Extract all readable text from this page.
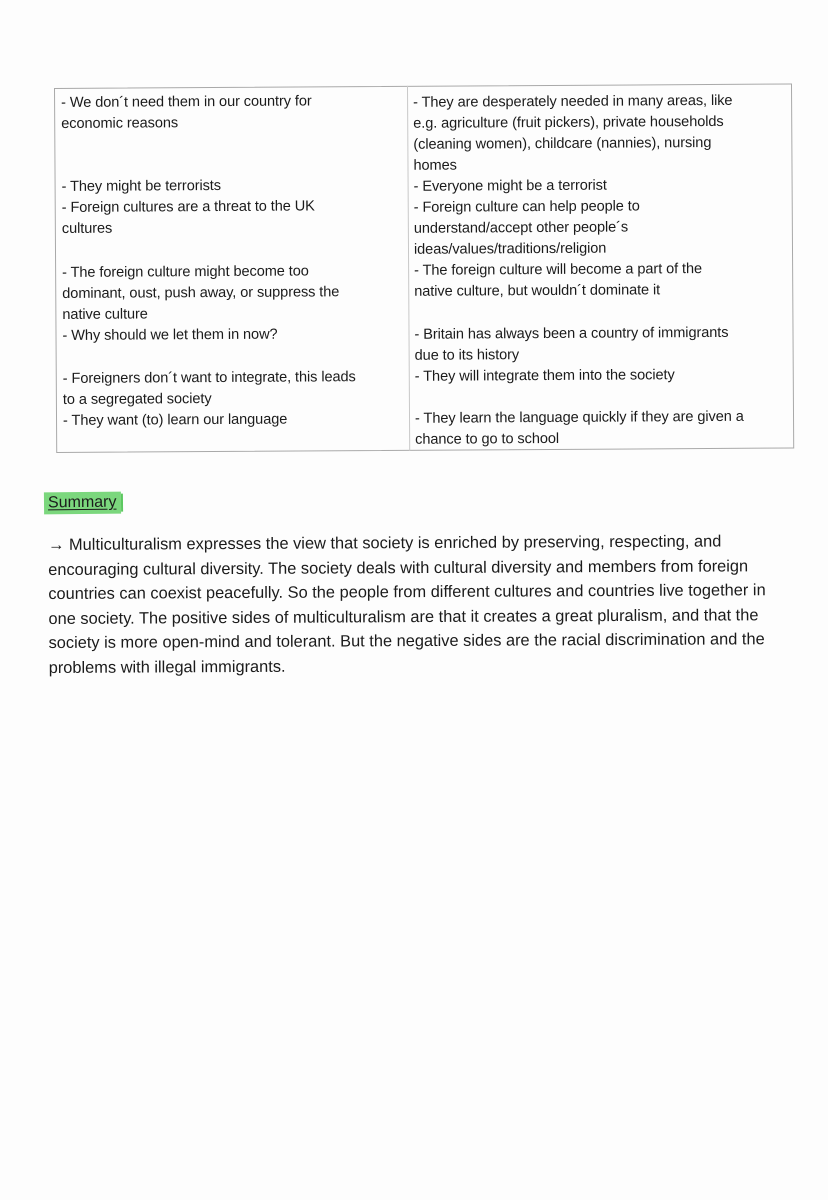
- We don´t need them in our country for
economic reasons
- They are desperately needed in many areas, like
e.g. agriculture (fruit pickers), private households
(cleaning women), childcare (nannies), nursing
homes
- They might be terrorists
- Foreign cultures are a threat to the UK
cultures
- Everyone might be a terrorist
- Foreign culture can help people to
understand/accept other people´s
ideas/values/traditions/religion
- The foreign culture might become too
dominant, oust, push away, or suppress the
native culture
- The foreign culture will become a part of the
native culture, but wouldn´t dominate it
- Why should we let them in now?	- Britain has always been a country of immigrants
due to its history
- Foreigners don´t want to integrate, this leads
to a segregated society
- They will integrate them into the society
- They want (to) learn our language	- They learn the language quickly if they are given a
chance to go to school
Summary

→ Multiculturalism expresses the view that society is enriched by preserving, respecting, and encouraging cultural diversity. The society deals with cultural diversity and members from foreign countries can coexist peacefully. So the people from different cultures and countries live together in one society. The positive sides of multiculturalism are that it creates a great pluralism, and that the society is more open-mind and tolerant. But the negative sides are the racial discrimination and the problems with illegal immigrants.
